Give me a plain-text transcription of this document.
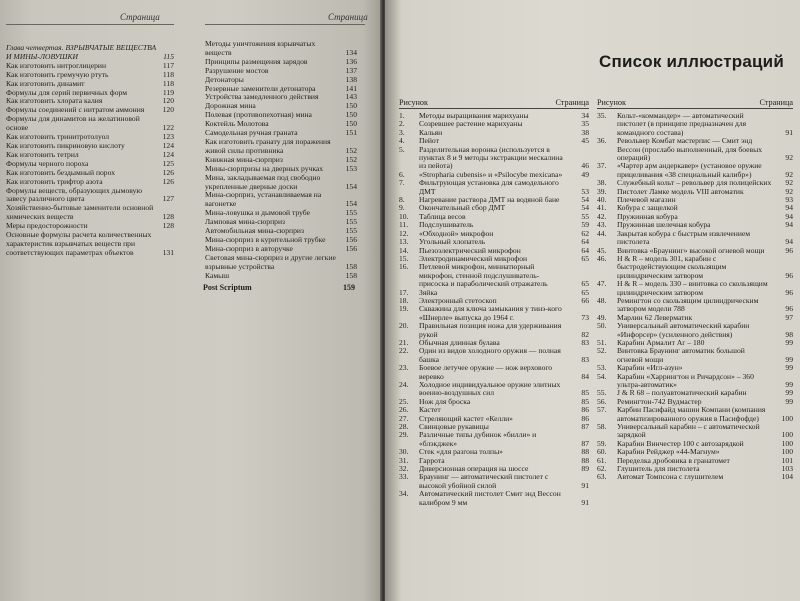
Страница	Страница
Глава четвертая. ВЗРЫВЧАТЫЕ ВЕЩЕСТВА И МИНЫ-ЛОВУШКИ	115
Как изготовить нитроглицерин	117
Как изготовить гремучую ртуть	118
Как изготовить динамит	118
Формулы для серий первичных форм	119
Как изготовить хлората калия	120
Формулы соединений с нитратом аммония	120
Формулы для динамитов на желатиновой основе	122
Как изготовить тринитротолуол	123
Как изготовить пикриновую кислоту	124
Как изготовить тетрил	124
Формулы черного пороха	125
Как изготовить бездымный порох	126
Как изготовить трифтор азота	126
Формулы веществ, образующих дымовую завесу различного цвета	127
Хозяйственно-бытовые заменители основной химических веществ	128
Меры предосторожности	128
Основные формулы расчета количественных характеристик взрывчатых веществ при соответствующих параметрах объектов	131
Методы уничтожения взрывчатых веществ	134
Принципы размещения зарядов	136
Разрушение мостов	137
Детонаторы	138
Резервные заменители детонатора	141
Устройства замедленного действия	143
Дорожная мина	150
Полевая (противопехотная) мина	150
Коктейль Молотова	150
Самодельная ручная граната	151
Как изготовить гранату для поражения живой силы противника	152
Книжная мина-сюрприз	152
Мины-сюрпризы на дверных ручках	153
Мина, закладываемая под свободно укрепленные дверные доски	154
Мина-сюрприз, устанавливаемая на вагонетке	154
Мина-ловушка и дымовой трубе	155
Ламповая мина-сюрприз	155
Автомобильная мина-сюрприз	155
Мина-сюрприз в курительной трубке	156
Мина-сюрприз в авторучке	156
Световая мина-сюрприз и другие легкие взрывные устройства	158
Камыш	158
Post Scriptum	159
Список иллюстраций
Рисунок	Страница Рисунок	Страница
1.	Методы выращивания марихуаны	34
2.	Созревшее растение марихуаны	35
3.	Кальян	38
4.	Пейот	45
5.	Разделительная воронка (используется в пунктах 8 и 9 методы экстракции мескалина из пейота)	46
6.	«Stropharia cubensis» и «Psilocybe mexicana»	49
7.	Фильтрующая установка для самодельного ДМТ	53
8.	Нагревание раствора ДМТ на водяной бане	54
9.	Окончательный сбор ДМТ	54
10.	Таблица весов	55
11.	Подслушиватель	59
12.	«Обходной» микрофон	62
13.	Угольный хлопатель	64
14.	Пьезоэлектрический микрофон	64
15.	Электродинамический микрофон	65
16.	Петлевой микрофон, миниатюрный микрофон, стенной подслушиватель-присоска и параболический отражатель	65
17.	Зяйка	65
18.	Электронный стетоскоп	66
19.	Скважина для ключа замыкания у тинэ-кого «Шнерле» выпуска до 1964 г.	73
20.	Правильная позиция ножа для удерживания рукой	82
21.	Обычная длинная булава	83
22.	Один из видов холодного оружия — полная башка	83
23.	Боевое летучее оружие — нож верхового веревко	84
24.	Холодное индивидуальное оружие элитных военно-воздушных сил	85
25.	Нож для броска	85
26.	Кастет	86
27.	Стреляющий кастет «Келли»	86
28.	Свинцовые рукавицы	87
29.	Различные типы дубинок «билли» и «блэкджек»	87
30.	Стек «для разгона толпы»	88
31.	Гаррота	88
32.	Диверсионная операция на шоссе	89
33.	Браунинг — автоматический пистолет с высокой убойной силой	91
34.	Автоматический пистолет Смит энд Вессон калибром 9 мм	91
35.	Кольт-«коммандер» — автоматический пистолет (в принципе предназначен для командного состава)	91
36.	Револьвер Комбат мастерпис — Смит энд Вессон (прослабо выполненный, для боевых операций)	92
37.	«Чартер арм андеркавер» (установое оружие прицеливания «38 специальный калибр»)	92
38.	Служебный кольт – револьвер для полицейских	92
39.	Пистолет Ламке модель VIII автоматик	92
40.	Плечевой магазин	93
41.	Кобура с защелкой	94
42.	Пружинная кобура	94
43.	Пружинная шелечная кобура	94
44.	Закрытая кобура с быстрым извлечением пистолета	94
45.	Винтовка «Браунинг» высокой огневой мощи	96
46.	Н & R – модель 301, карабин с быстродействующим скользящим цилиндрическим затвором	96
47.	Н & R – модель 330 – винтовка со скользящим цилиндрическим затвором	96
48.	Ремингтон со скользящим цилиндрическим затвором модели 788	96
49.	Марлин 62 Леверматик	97
50.	Универсальный автоматический карабин «Инфорсер» (усиленного действия)	98
51.	Карабин Армалит Аг – 180	99
52.	Винтовка Браунинг автоматик большой огневой мощи	99
53.	Карабин «Игл-азун»	99
54.	Карабин «Харрингтон и Ричардсон» – 360 ультра-автоматик»	99
55.	J & R 68 – полуавтоматический карабин	99
56.	Ремингтон-742 Вудмастер	99
57.	Карбин Пасифайд машин Компани (компания автоматизированного оружия в Пасифофде)	100
58.	Универсальный карабин – с автоматической зарядкой	100
59.	Карабин Винчестер 100 с автозарядкой	100
60.	Карабин Рейджер «44-Магнум»	100
61.	Переделка дробовика в гранатомет	101
62.	Глушитель для пистолета	103
63.	Автомат Томпсона с глушителем	104
